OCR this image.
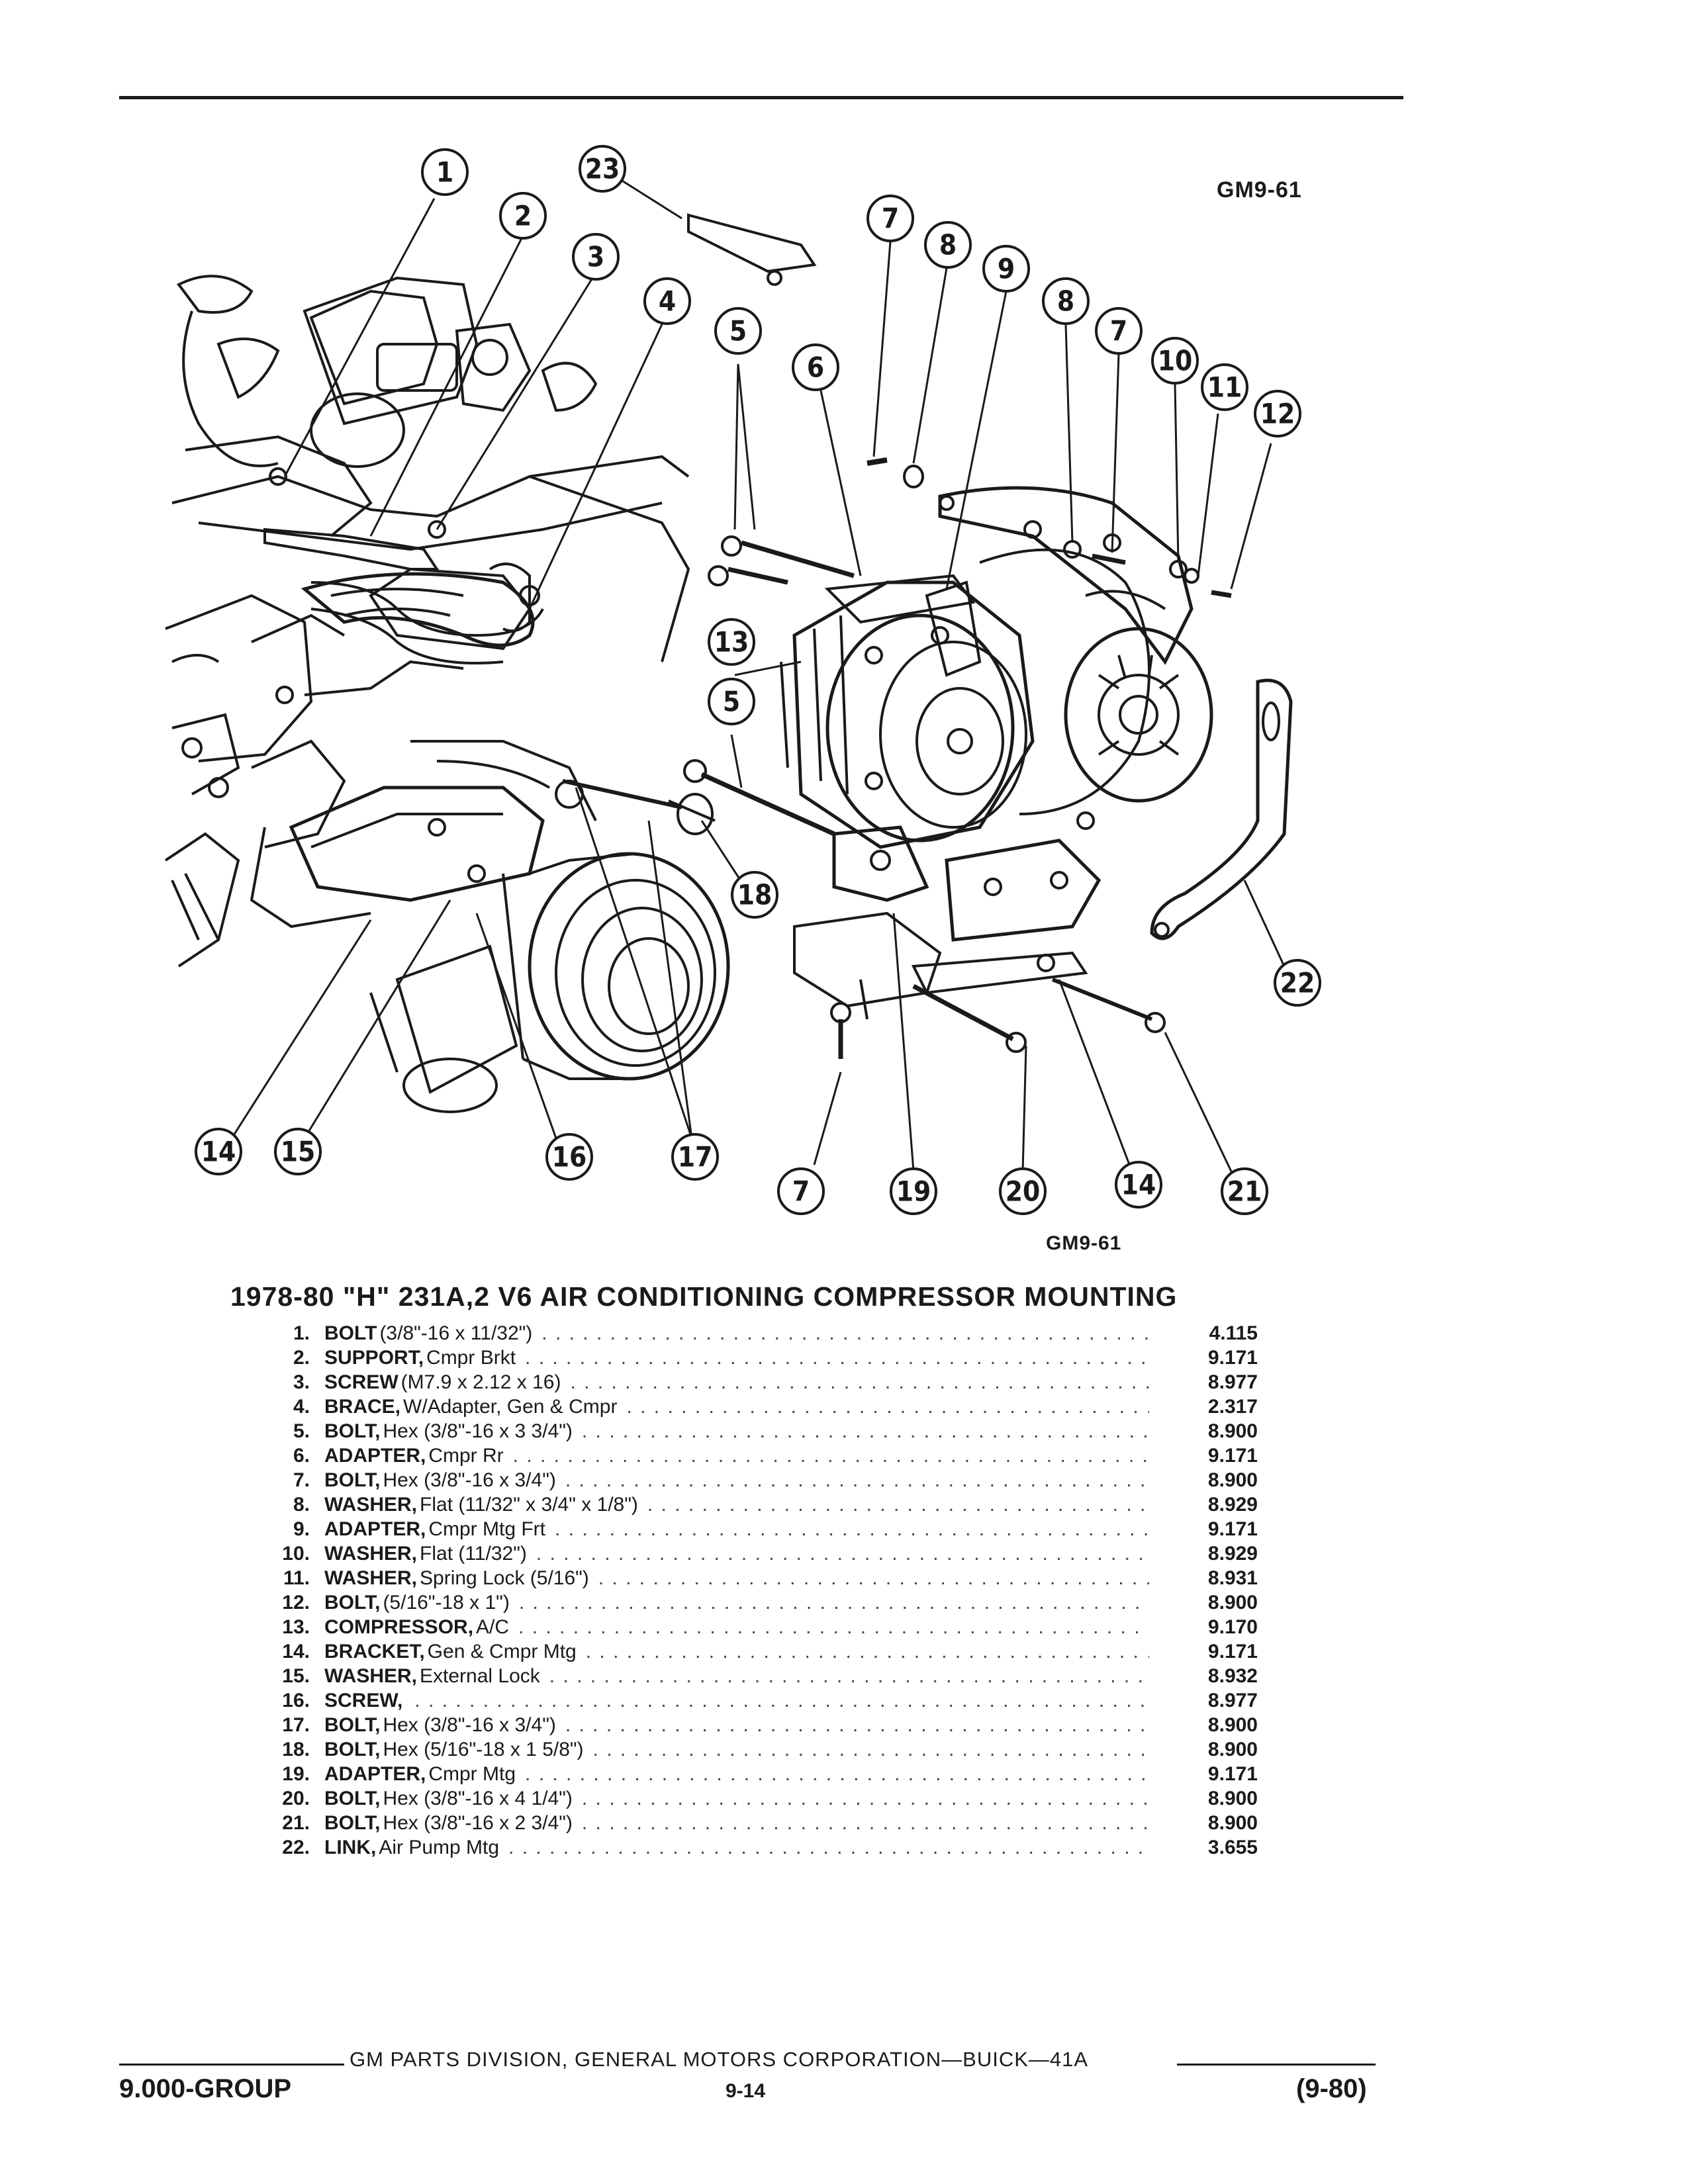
GM9-61
1
2
3
4
5
5
6
7
7
7
8
8
9
10
11
12
13
14
14
15	16	17
18
19	20	21
22
23
GM9-61
1978-80 "H" 231A,2 V6 AIR CONDITIONING COMPRESSOR MOUNTING
1. BOLT (3/8"-16 x 11/32") . . .	4.115
2. SUPPORT, Cmpr Brkt . . .	9.171
3. SCREW (M7.9 x 2.12 x 16) . . .	8.977
4. BRACE, W/Adapter, Gen & Cmpr . . .	2.317
5. BOLT, Hex (3/8"-16 x 3 3/4") . . .	8.900
6. ADAPTER, Cmpr Rr . . .	9.171
7. BOLT, Hex (3/8"-16 x 3/4") . . .	8.900
8. WASHER, Flat (11/32" x 3/4" x 1/8") . . .	8.929
9. ADAPTER, Cmpr Mtg Frt . . .	9.171
10. WASHER, Flat (11/32") . . .	8.929
11. WASHER, Spring Lock (5/16") . . .	8.931
12. BOLT, (5/16"-18 x 1") . . .	8.900
13. COMPRESSOR, A/C . . .	9.170
14. BRACKET, Gen & Cmpr Mtg . . .	9.171
15. WASHER, External Lock . . .	8.932
16. SCREW, . . .	8.977
17. BOLT, Hex (3/8"-16 x 3/4") . . .	8.900
18. BOLT, Hex (5/16"-18 x 1 5/8") . . .	8.900
19. ADAPTER, Cmpr Mtg . . .	9.171
20. BOLT, Hex (3/8"-16 x 4 1/4") . . .	8.900
21. BOLT, Hex (3/8"-16 x 2 3/4") . . .	8.900
22. LINK, Air Pump Mtg . . .	3.655
GM PARTS DIVISION, GENERAL MOTORS CORPORATION—BUICK—41A
9.000-GROUP	9-14	(9-80)
